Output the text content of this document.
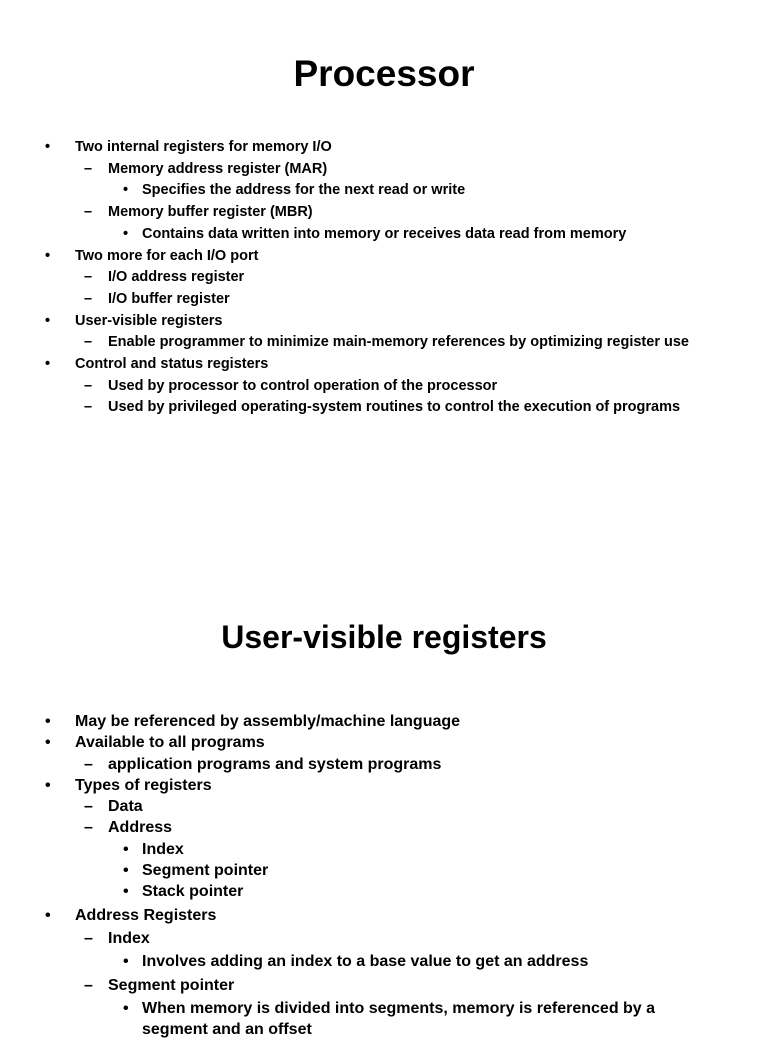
Processor
• Two internal registers for memory I/O
– Memory address register (MAR)
• Specifies the address for the next read or write
– Memory buffer register (MBR)
• Contains data written into memory or receives data read from memory
• Two more for each I/O port
– I/O address register
– I/O buffer register
• User-visible registers
– Enable programmer to minimize main-memory references by optimizing register use
• Control and status registers
– Used by processor to control operation of the processor
– Used by privileged operating-system routines to control the execution of programs
User-visible registers
• May be referenced by assembly/machine language
• Available to all programs
– application programs and system programs
• Types of registers
– Data
– Address
• Index
• Segment pointer
• Stack pointer
• Address Registers
– Index
• Involves adding an index to a base value to get an address
– Segment pointer
• When memory is divided into segments, memory is referenced by a segment and an offset
